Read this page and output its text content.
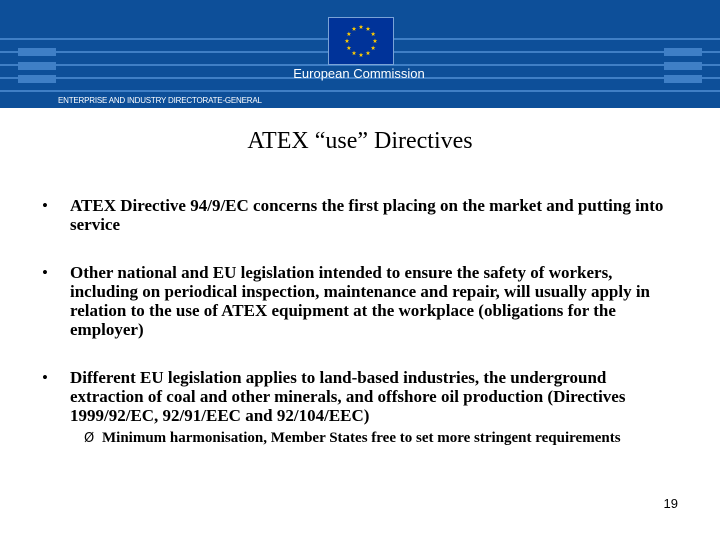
European Commission
ENTERPRISE AND INDUSTRY DIRECTORATE-GENERAL
ATEX “use” Directives
• ATEX Directive 94/9/EC concerns the first placing on the market and putting into service
• Other national and EU legislation intended to ensure the safety of workers, including on periodical inspection, maintenance and repair, will usually apply in relation to the use of ATEX equipment at the workplace (obligations for the employer)
• Different EU legislation applies to land-based industries, the underground extraction of coal and other minerals, and offshore oil production (Directives 1999/92/EC, 92/91/EEC and 92/104/EEC)
Ø Minimum harmonisation, Member States free to set more stringent requirements
19
